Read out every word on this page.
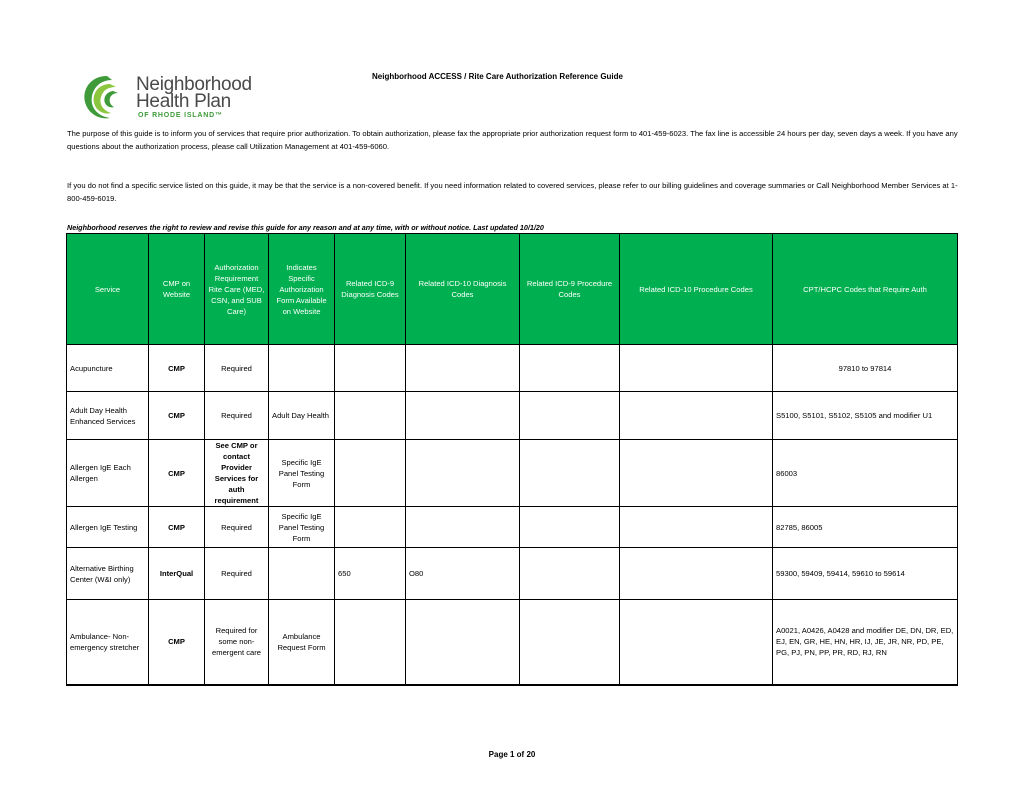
Neighborhood
Health Plan
OF RHODE ISLAND™
Neighborhood ACCESS / Rite Care Authorization Reference Guide
The purpose of this guide is to inform you of services that require prior authorization. To obtain authorization, please fax the appropriate prior authorization request form to 401-459-6023. The fax line is accessible 24 hours per day, seven days a week. If you have any questions about the authorization process, please call Utilization Management at 401-459-6060.
If you do not find a specific service listed on this guide, it may be that the service is a non-covered benefit. If you need information related to covered services, please refer to our billing guidelines and coverage summaries or Call Neighborhood Member Services at 1-800-459-6019.
Neighborhood reserves the right to review and revise this guide for any reason and at any time, with or without notice. Last updated 10/1/20
Service	CMP on Website	Authorization Requirement Rite Care (MED, CSN, and SUB Care)	Indicates Specific Authorization Form Available on Website	Related ICD-9 Diagnosis Codes	Related ICD-10 Diagnosis Codes	Related ICD-9 Procedure Codes	Related ICD-10 Procedure Codes	CPT/HCPC Codes that Require Auth
Acupuncture	CMP	Required						97810 to 97814
Adult Day Health Enhanced Services	CMP	Required	Adult Day Health					S5100, S5101, S5102, S5105 and modifier U1
Allergen IgE Each Allergen	CMP	See CMP or contact Provider Services for auth requirement	Specific IgE Panel Testing Form					86003
Allergen IgE Testing	CMP	Required	Specific IgE Panel Testing Form					82785, 86005
Alternative Birthing Center (W&I only)	InterQual	Required		650	O80			59300, 59409, 59414, 59610 to 59614
Ambulance- Non-emergency stretcher	CMP	Required for some non-emergent care	Ambulance Request Form					A0021, A0426, A0428 and modifier DE, DN, DR, ED, EJ, EN, GR, HE, HN, HR, IJ, JE, JR, NR, PD, PE, PG, PJ, PN, PP, PR, RD, RJ, RN
Page 1 of 20
